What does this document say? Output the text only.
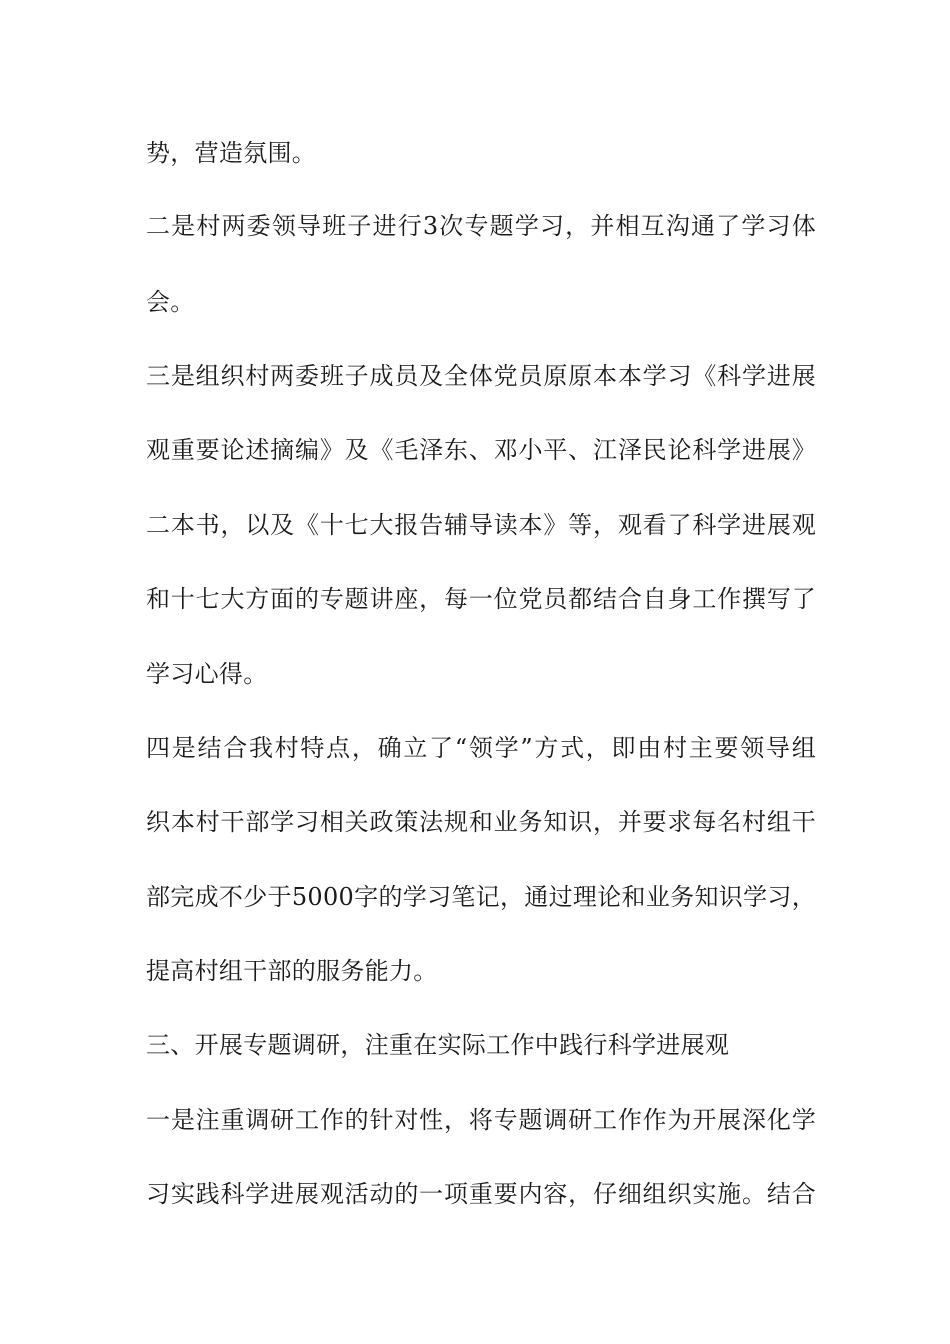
势，营造氛围。
二是村两委领导班子进行3次专题学习，并相互沟通了学习体
会。
三是组织村两委班子成员及全体党员原原本本学习《科学进展
观重要论述摘编》及《毛泽东、邓小平、江泽民论科学进展》
二本书，以及《十七大报告辅导读本》等，观看了科学进展观
和十七大方面的专题讲座，每一位党员都结合自身工作撰写了
学习心得。
四是结合我村特点，确立了“领学”方式，即由村主要领导组
织本村干部学习相关政策法规和业务知识，并要求每名村组干
部完成不少于5000字的学习笔记，通过理论和业务知识学习，
提高村组干部的服务能力。
三、开展专题调研，注重在实际工作中践行科学进展观
一是注重调研工作的针对性，将专题调研工作作为开展深化学
习实践科学进展观活动的一项重要内容，仔细组织实施。结合
